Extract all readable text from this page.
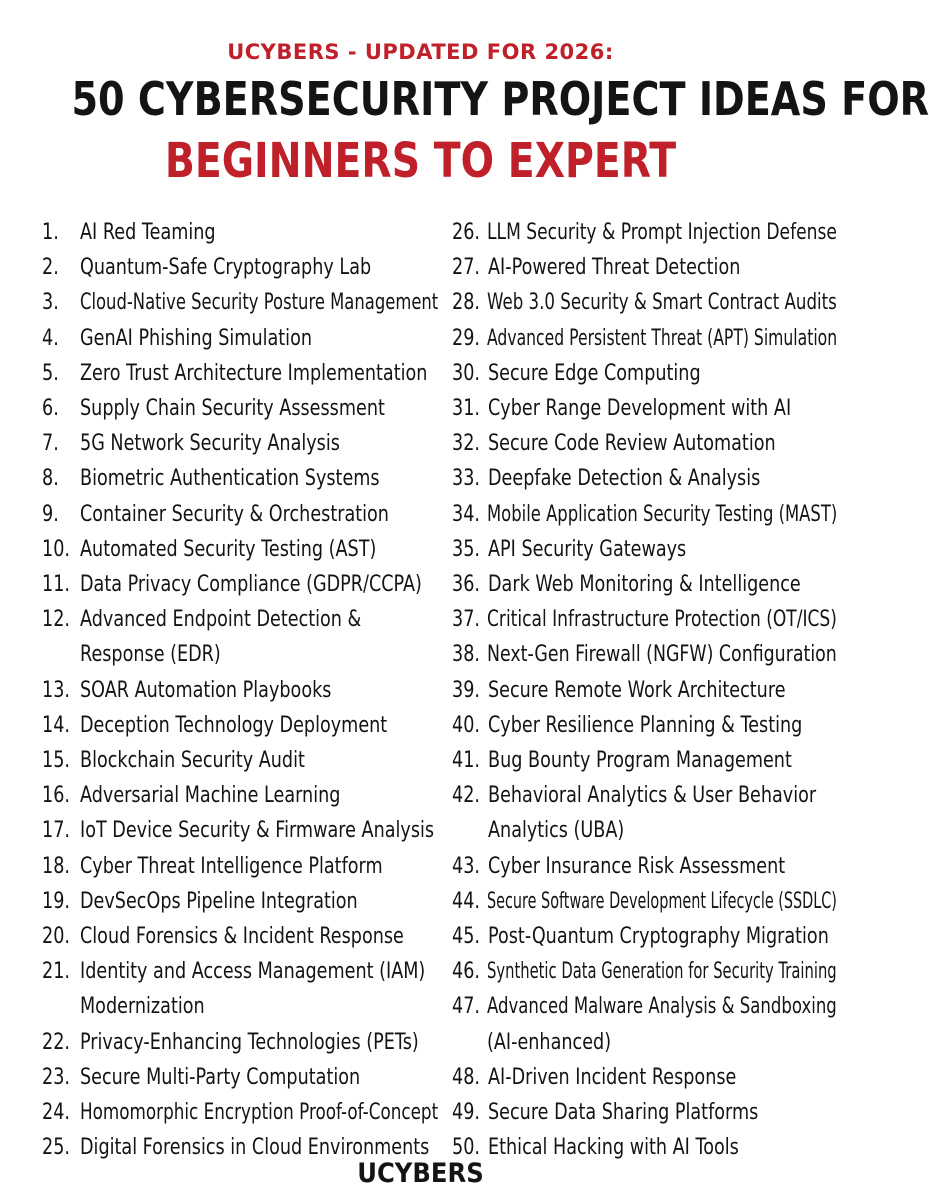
UCYBERS - UPDATED FOR 2026:
50 CYBERSECURITY PROJECT IDEAS FOR
BEGINNERS TO EXPERT
1. AI Red Teaming
2. Quantum-Safe Cryptography Lab
3. Cloud-Native Security Posture Management
4. GenAI Phishing Simulation
5. Zero Trust Architecture Implementation
6. Supply Chain Security Assessment
7. 5G Network Security Analysis
8. Biometric Authentication Systems
9. Container Security & Orchestration
10. Automated Security Testing (AST)
11. Data Privacy Compliance (GDPR/CCPA)
12. Advanced Endpoint Detection &
Response (EDR)
13. SOAR Automation Playbooks
14. Deception Technology Deployment
15. Blockchain Security Audit
16. Adversarial Machine Learning
17. IoT Device Security & Firmware Analysis
18. Cyber Threat Intelligence Platform
19. DevSecOps Pipeline Integration
20. Cloud Forensics & Incident Response
21. Identity and Access Management (IAM)
Modernization
22. Privacy-Enhancing Technologies (PETs)
23. Secure Multi-Party Computation
24. Homomorphic Encryption Proof-of-Concept
25. Digital Forensics in Cloud Environments
26. LLM Security & Prompt Injection Defense
27. AI-Powered Threat Detection
28. Web 3.0 Security & Smart Contract Audits
29. Advanced Persistent Threat (APT) Simulation
30. Secure Edge Computing
31. Cyber Range Development with AI
32. Secure Code Review Automation
33. Deepfake Detection & Analysis
34. Mobile Application Security Testing (MAST)
35. API Security Gateways
36. Dark Web Monitoring & Intelligence
37. Critical Infrastructure Protection (OT/ICS)
38. Next-Gen Firewall (NGFW) Configuration
39. Secure Remote Work Architecture
40. Cyber Resilience Planning & Testing
41. Bug Bounty Program Management
42. Behavioral Analytics & User Behavior
Analytics (UBA)
43. Cyber Insurance Risk Assessment
44. Secure Software Development Lifecycle (SSDLC)
45. Post-Quantum Cryptography Migration
46. Synthetic Data Generation for Security Training
47. Advanced Malware Analysis & Sandboxing
(AI-enhanced)
48. AI-Driven Incident Response
49. Secure Data Sharing Platforms
50. Ethical Hacking with AI Tools
UCYBERS
